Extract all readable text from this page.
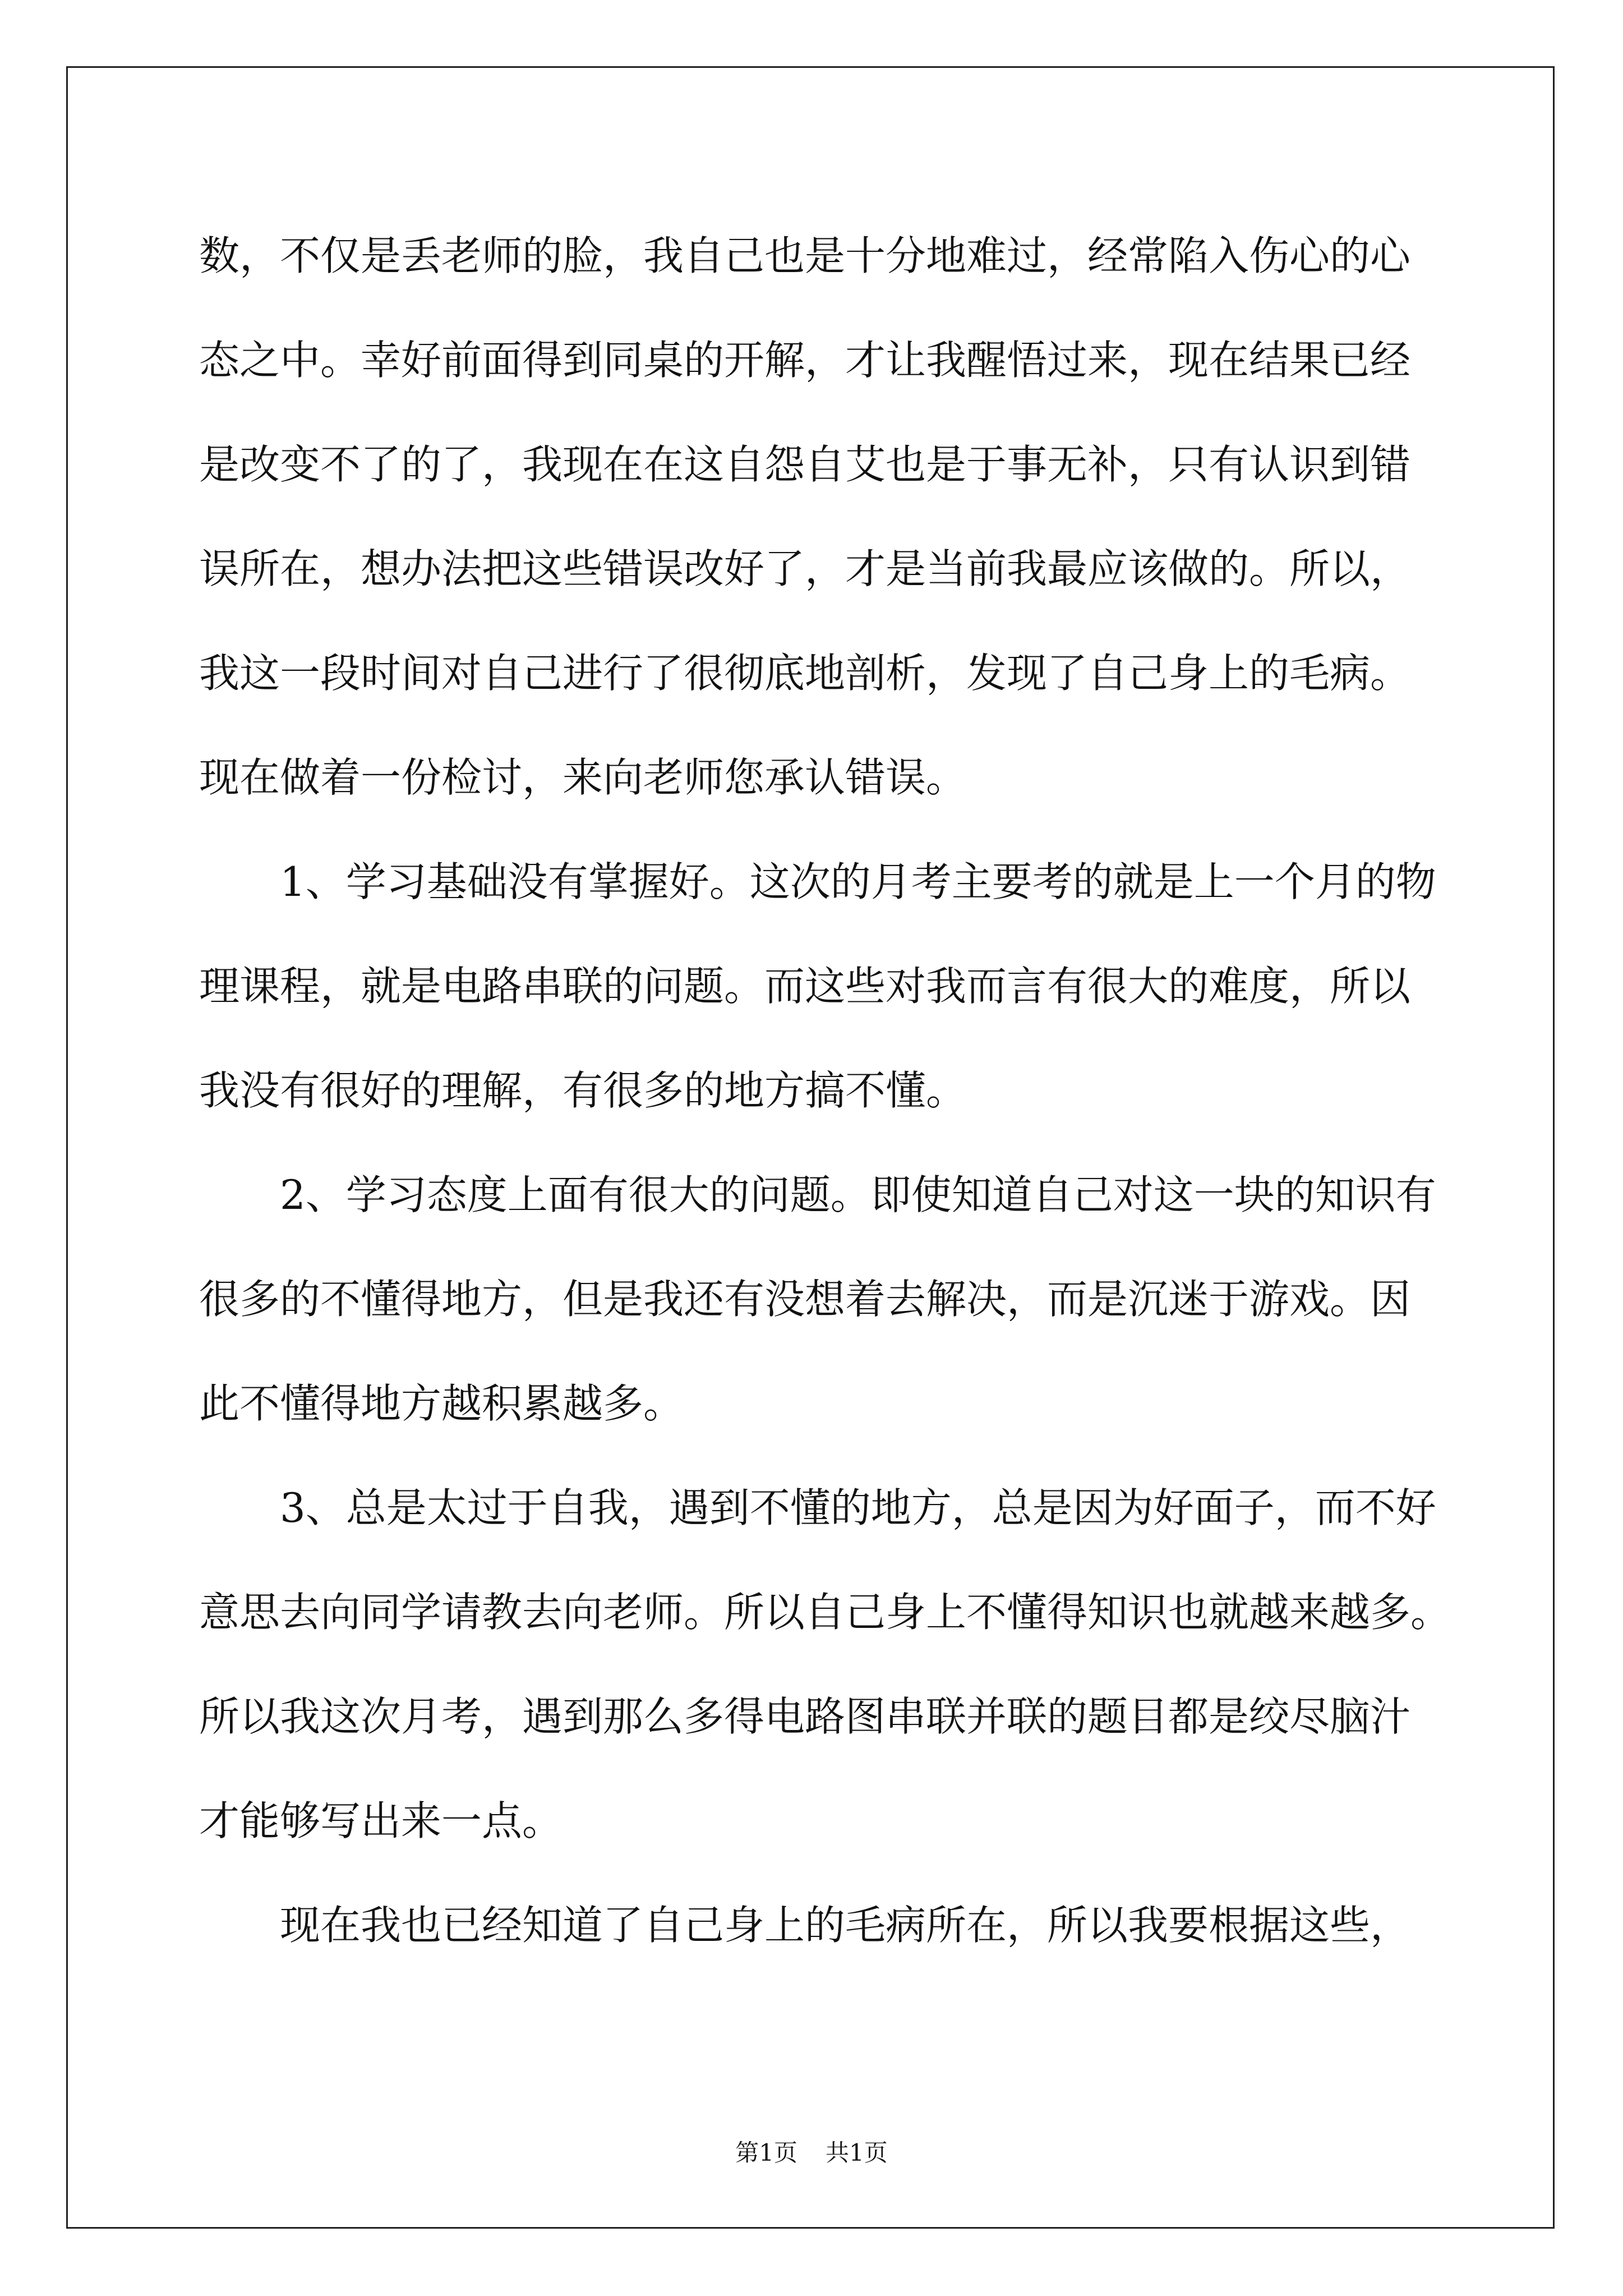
数，不仅是丢老师的脸，我自己也是十分地难过，经常陷入伤心的心
态之中。幸好前面得到同桌的开解，才让我醒悟过来，现在结果已经
是改变不了的了，我现在在这自怨自艾也是于事无补，只有认识到错
误所在，想办法把这些错误改好了，才是当前我最应该做的。所以，
我这一段时间对自己进行了很彻底地剖析，发现了自己身上的毛病。
现在做着一份检讨，来向老师您承认错误。
　　1、学习基础没有掌握好。这次的月考主要考的就是上一个月的物
理课程，就是电路串联的问题。而这些对我而言有很大的难度，所以
我没有很好的理解，有很多的地方搞不懂。
　　2、学习态度上面有很大的问题。即使知道自己对这一块的知识有
很多的不懂得地方，但是我还有没想着去解决，而是沉迷于游戏。因
此不懂得地方越积累越多。
　　3、总是太过于自我，遇到不懂的地方，总是因为好面子，而不好
意思去向同学请教去向老师。所以自己身上不懂得知识也就越来越多。
所以我这次月考，遇到那么多得电路图串联并联的题目都是绞尽脑汁
才能够写出来一点。
　　现在我也已经知道了自己身上的毛病所在，所以我要根据这些，
第1页 共1页
